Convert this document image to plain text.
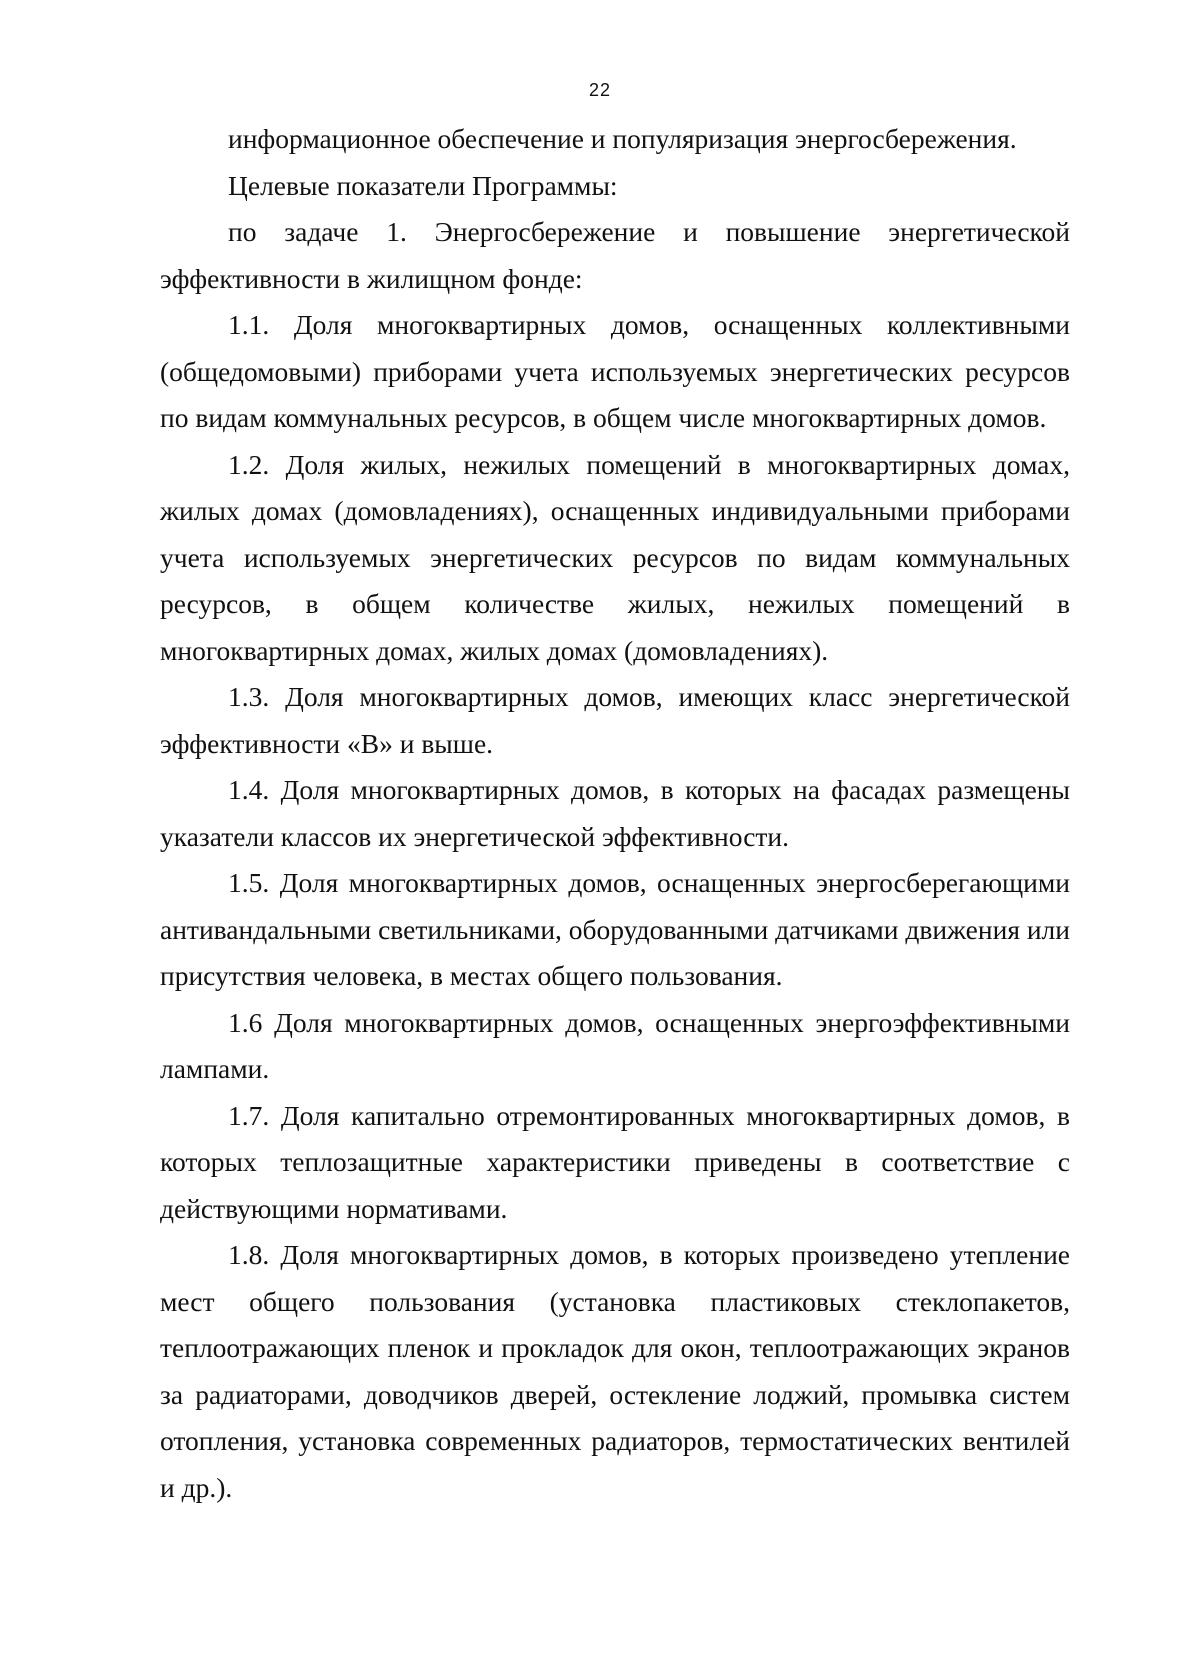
22

информационное обеспечение и популяризация энергосбережения.

Целевые показатели Программы:

по задаче 1. Энергосбережение и повышение энергетической эффективности в жилищном фонде:

1.1. Доля многоквартирных домов, оснащенных коллективными (общедомовыми) приборами учета используемых энергетических ресурсов по видам коммунальных ресурсов, в общем числе многоквартирных домов.

1.2. Доля жилых, нежилых помещений в многоквартирных домах, жилых домах (домовладениях), оснащенных индивидуальными приборами учета используемых энергетических ресурсов по видам коммунальных ресурсов, в общем количестве жилых, нежилых помещений в многоквартирных домах, жилых домах (домовладениях).

1.3. Доля многоквартирных домов, имеющих класс энергетической эффективности «В» и выше.

1.4. Доля многоквартирных домов, в которых на фасадах размещены указатели классов их энергетической эффективности.

1.5. Доля многоквартирных домов, оснащенных энергосберегающими антивандальными светильниками, оборудованными датчиками движения или присутствия человека, в местах общего пользования.

1.6 Доля многоквартирных домов, оснащенных энергоэффективными лампами.

1.7. Доля капитально отремонтированных многоквартирных домов, в которых теплозащитные характеристики приведены в соответствие с действующими нормативами.

1.8. Доля многоквартирных домов, в которых произведено утепление мест общего пользования (установка пластиковых стеклопакетов, теплоотражающих пленок и прокладок для окон, теплоотражающих экранов за радиаторами, доводчиков дверей, остекление лоджий, промывка систем отопления, установка современных радиаторов, термостатических вентилей и др.).
